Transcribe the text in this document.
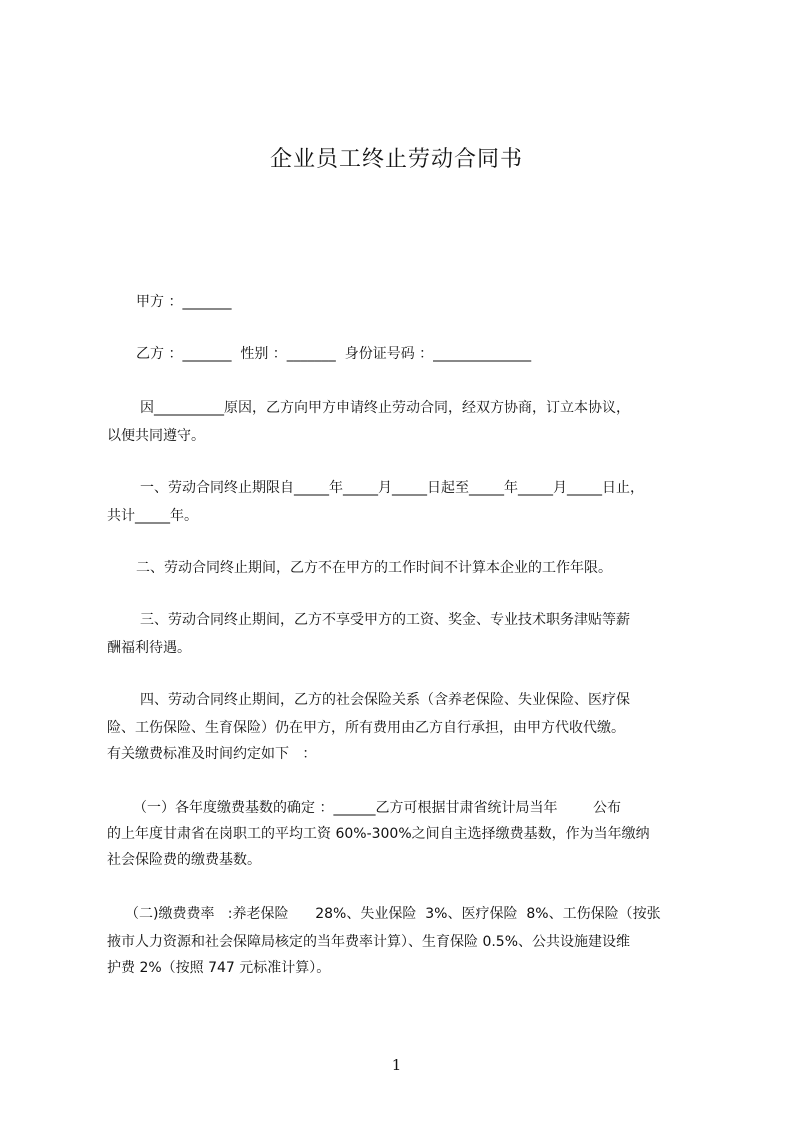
企业员工终止劳动合同书
甲方 ：_______
乙方 ：_______  性别 ：_______  身份证号码 ：______________
因__________原因，乙方向甲方申请终止劳动合同，经双方协商，订立本协议，
以便共同遵守。
一、劳动合同终止期限自_____年_____月_____日起至_____年_____月_____日止，
共计_____年。
二、劳动合同终止期间，乙方不在甲方的工作时间不计算本企业的工作年限。
三、劳动合同终止期间，乙方不享受甲方的工资、奖金、专业技术职务津贴等薪
酬福利待遇。
四、劳动合同终止期间，乙方的社会保险关系（含养老保险、失业保险、医疗保
险、工伤保险、生育保险）仍在甲方，所有费用由乙方自行承担，由甲方代收代缴。
有关缴费标准及时间约定如下   ：
（一）各年度缴费基数的确定 ：______乙方可根据甘肃省统计局当年        公布
的上年度甘肃省在岗职工的平均工资 60%-300%之间自主选择缴费基数，作为当年缴纳
社会保险费的缴费基数。
（二)缴费费率   :养老保险      28%、失业保险  3%、医疗保险  8%、工伤保险（按张
掖市人力资源和社会保障局核定的当年费率计算）、生育保险 0.5%、公共设施建设维
护费 2%（按照 747 元标准计算）。
1
